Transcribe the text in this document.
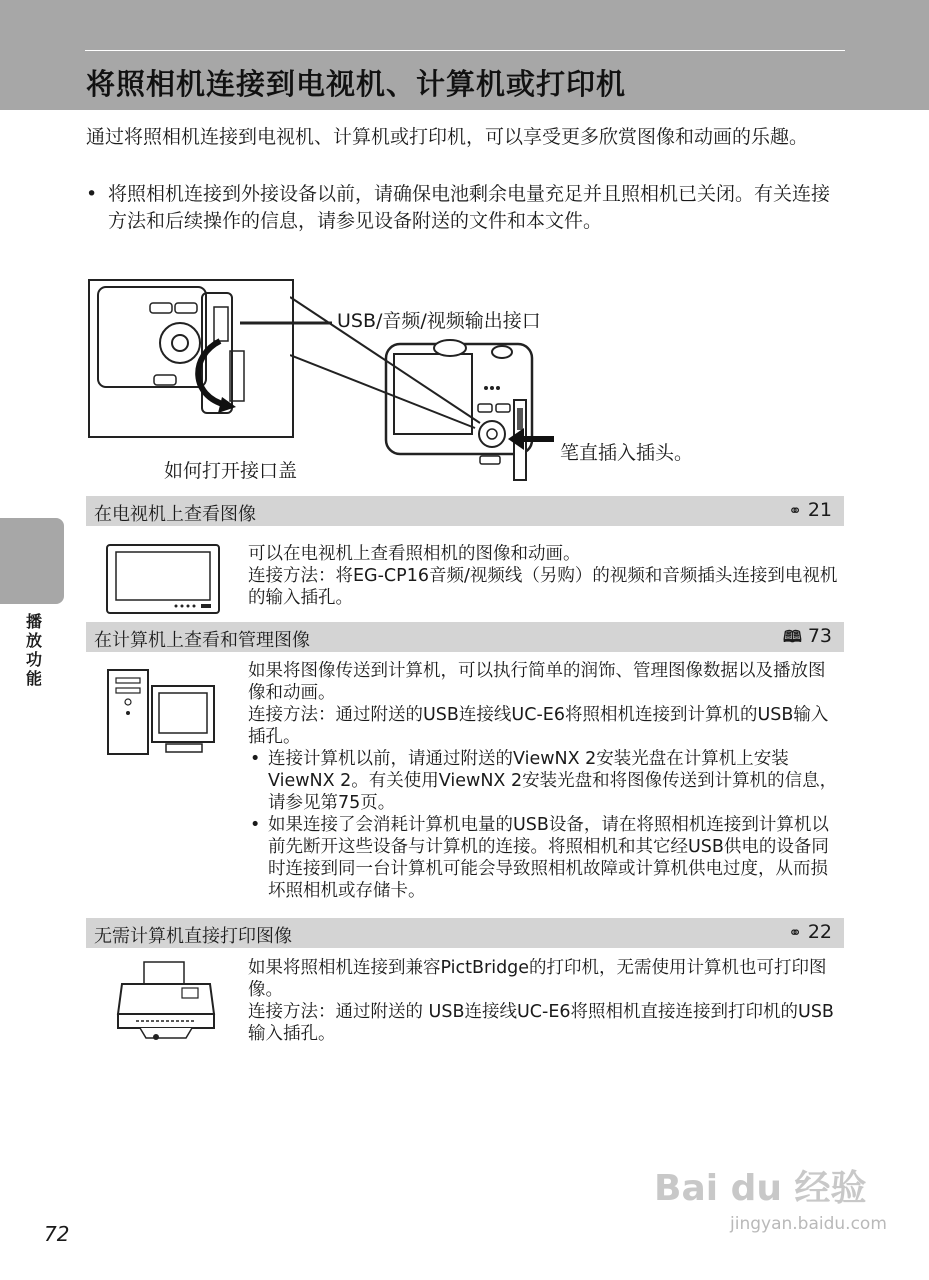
将照相机连接到电视机、计算机或打印机
通过将照相机连接到电视机、计算机或打印机，可以享受更多欣赏图像和动画的乐趣。
• 将照相机连接到外接设备以前，请确保电池剩余电量充足并且照相机已关闭。有关连接方法和后续操作的信息，请参见设备附送的文件和本文件。
USB/音频/视频输出接口
笔直插入插头。
如何打开接口盖
在电视机上查看图像	⚭ 21

可以在电视机上查看照相机的图像和动画。

连接方法：将EG-CP16音频/视频线（另购）的视频和音频插头连接到电视机的输入插孔。

在计算机上查看和管理图像	🕮 73

如果将图像传送到计算机，可以执行简单的润饰、管理图像数据以及播放图像和动画。

连接方法：通过附送的USB连接线UC-E6将照相机连接到计算机的USB输入插孔。

• 连接计算机以前，请通过附送的ViewNX 2安装光盘在计算机上安装ViewNX 2。有关使用ViewNX 2安装光盘和将图像传送到计算机的信息，请参见第75页。

• 如果连接了会消耗计算机电量的USB设备，请在将照相机连接到计算机以前先断开这些设备与计算机的连接。将照相机和其它经USB供电的设备同时连接到同一台计算机可能会导致照相机故障或计算机供电过度，从而损坏照相机或存储卡。

无需计算机直接打印图像	⚭ 22

如果将照相机连接到兼容PictBridge的打印机，无需使用计算机也可打印图像。

连接方法：通过附送的 USB连接线UC-E6将照相机直接连接到打印机的USB输入插孔。

播放功能
72
Bai du 经验
jingyan.baidu.com
